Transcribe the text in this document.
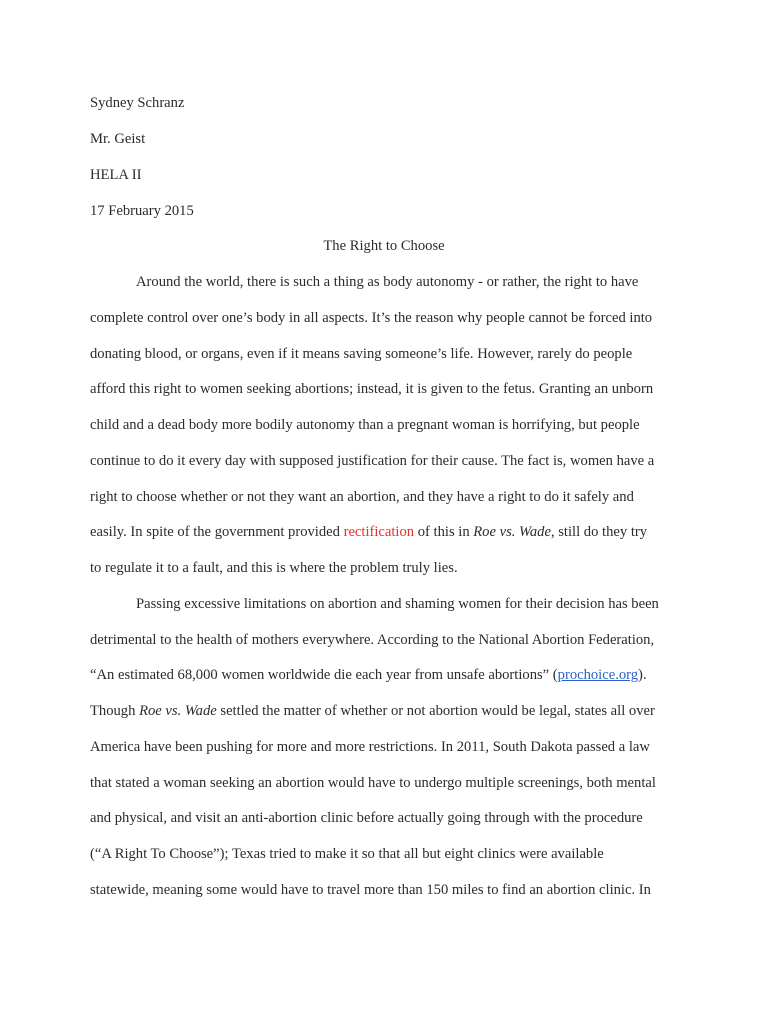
Sydney Schranz
Mr. Geist
HELA II
17 February 2015
The Right to Choose
Around the world, there is such a thing as body autonomy - or rather, the right to have
complete control over one’s body in all aspects. It’s the reason why people cannot be forced into
donating blood, or organs, even if it means saving someone’s life. However, rarely do people
afford this right to women seeking abortions; instead, it is given to the fetus. Granting an unborn
child and a dead body more bodily autonomy than a pregnant woman is horrifying, but people
continue to do it every day with supposed justification for their cause. The fact is, women have a
right to choose whether or not they want an abortion, and they have a right to do it safely and
easily. In spite of the government provided rectification of this in Roe vs. Wade, still do they try
to regulate it to a fault, and this is where the problem truly lies.
Passing excessive limitations on abortion and shaming women for their decision has been
detrimental to the health of mothers everywhere. According to the National Abortion Federation,
“An estimated 68,000 women worldwide die each year from unsafe abortions” (prochoice.org).
Though Roe vs. Wade settled the matter of whether or not abortion would be legal, states all over
America have been pushing for more and more restrictions. In 2011, South Dakota passed a law
that stated a woman seeking an abortion would have to undergo multiple screenings, both mental
and physical, and visit an anti-abortion clinic before actually going through with the procedure
(“A Right To Choose”); Texas tried to make it so that all but eight clinics were available
statewide, meaning some would have to travel more than 150 miles to find an abortion clinic. In
